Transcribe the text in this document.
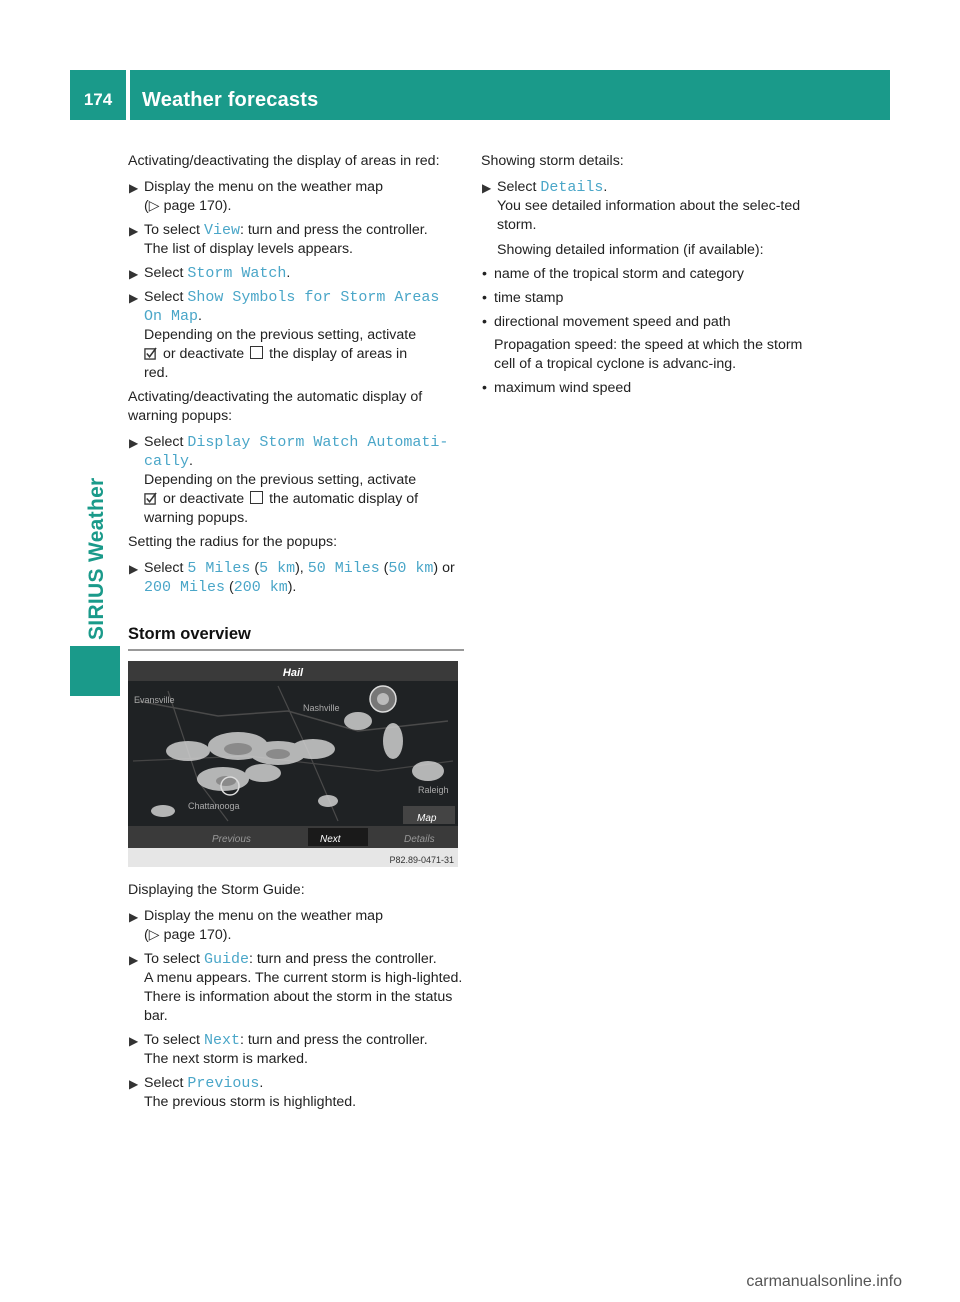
174	Weather forecasts
SIRIUS Weather

Activating/deactivating the display of areas in red:

▶ Display the menu on the weather map
(▷ page 170).
▶ To select View: turn and press the controller.
The list of display levels appears.
▶ Select Storm Watch.
▶ Select Show Symbols for Storm Areas
On Map.
Depending on the previous setting, activate
or deactivate  the display of areas in
red.

Activating/deactivating the automatic display of warning popups:

▶ Select Display Storm Watch Automati‑
cally.
Depending on the previous setting, activate
or deactivate  the automatic display of
warning popups.

Setting the radius for the popups:

▶ Select 5 Miles (5 km), 50 Miles (50 km) or
200 Miles (200 km).
Storm overview
Hail
Evansville
Nashville
Chattanooga
Raleigh
Map
Previous	Next	Details
P82.89-0471-31

Displaying the Storm Guide:

▶ Display the menu on the weather map
(▷ page 170).
▶ To select Guide: turn and press the controller.
A menu appears. The current storm is high-lighted. There is information about the storm in the status bar.
▶ To select Next: turn and press the controller.
The next storm is marked.
▶ Select Previous.
The previous storm is highlighted.

Showing storm details:

▶ Select Details.
You see detailed information about the selec-ted storm.
Showing detailed information (if available):
• name of the tropical storm and category
• time stamp
• directional movement speed and path
Propagation speed: the speed at which the storm cell of a tropical cyclone is advanc-ing.
• maximum wind speed
carmanualsonline.info
